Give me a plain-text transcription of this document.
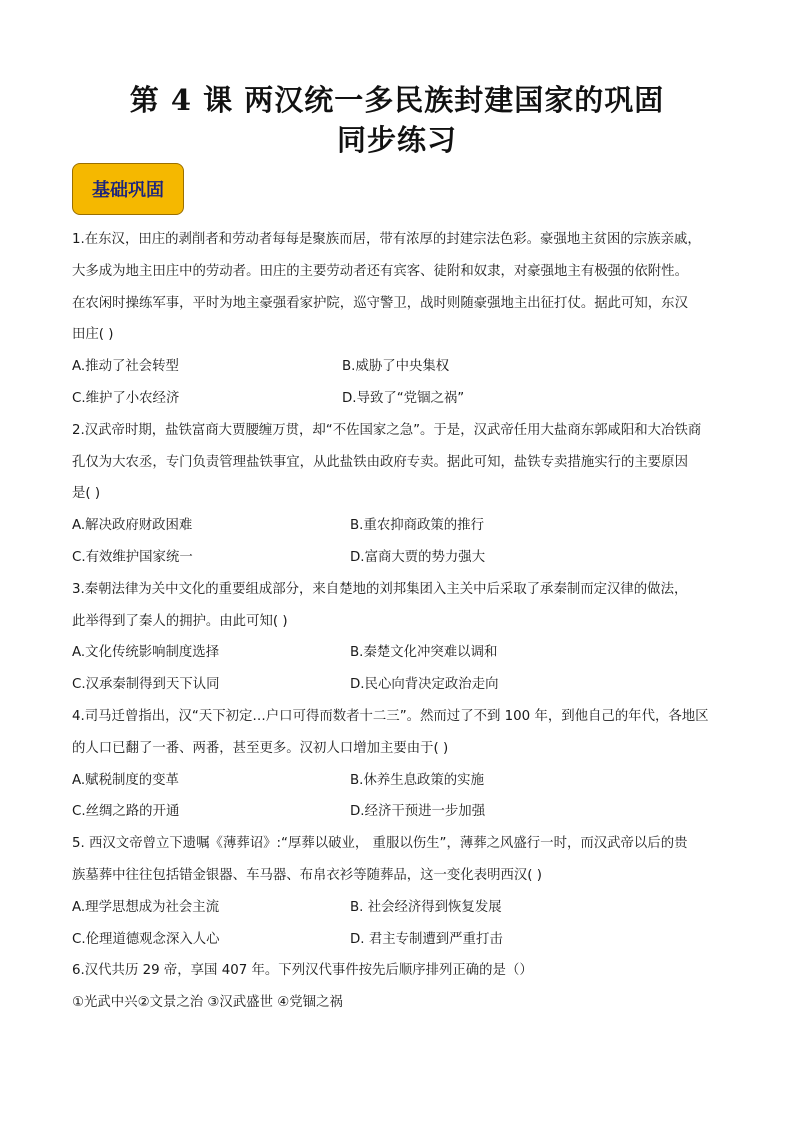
第 4 课 两汉统一多民族封建国家的巩固
同步练习
基础巩固
1.在东汉，田庄的剥削者和劳动者每每是聚族而居，带有浓厚的封建宗法色彩。豪强地主贫困的宗族亲戚，
大多成为地主田庄中的劳动者。田庄的主要劳动者还有宾客、徒附和奴隶，对豪强地主有极强的依附性。
在农闲时操练军事，平时为地主豪强看家护院，巡守警卫，战时则随豪强地主出征打仗。据此可知，东汉
田庄( )
A.推动了社会转型	B.威胁了中央集权
C.维护了小农经济	D.导致了“党锢之祸”
2.汉武帝时期，盐铁富商大贾腰缠万贯，却“不佐国家之急”。于是，汉武帝任用大盐商东郭咸阳和大冶铁商
孔仅为大农丞，专门负责管理盐铁事宜，从此盐铁由政府专卖。据此可知，盐铁专卖措施实行的主要原因
是( )
A.解决政府财政困难	B.重农抑商政策的推行
C.有效维护国家统一	D.富商大贾的势力强大
3.秦朝法律为关中文化的重要组成部分，来自楚地的刘邦集团入主关中后采取了承秦制而定汉律的做法，
此举得到了秦人的拥护。由此可知( )
A.文化传统影响制度选择	B.秦楚文化冲突难以调和
C.汉承秦制得到天下认同	D.民心向背决定政治走向
4.司马迁曾指出，汉“天下初定…户口可得而数者十二三”。然而过了不到 100 年，到他自己的年代，各地区
的人口已翻了一番、两番，甚至更多。汉初人口增加主要由于( )
A.赋税制度的变革	B.休养生息政策的实施
C.丝绸之路的开通	D.经济干预进一步加强
5. 西汉文帝曾立下遗嘱《薄葬诏》:“厚葬以破业， 重服以伤生”，薄葬之风盛行一时，而汉武帝以后的贵
族墓葬中往往包括错金银器、车马器、布帛衣衫等随葬品，这一变化表明西汉( )
A.理学思想成为社会主流	B. 社会经济得到恢复发展
C.伦理道德观念深入人心	D. 君主专制遭到严重打击
6.汉代共历 29 帝，享国 407 年。下列汉代事件按先后顺序排列正确的是（）
①光武中兴②文景之治 ③汉武盛世 ④党锢之祸
